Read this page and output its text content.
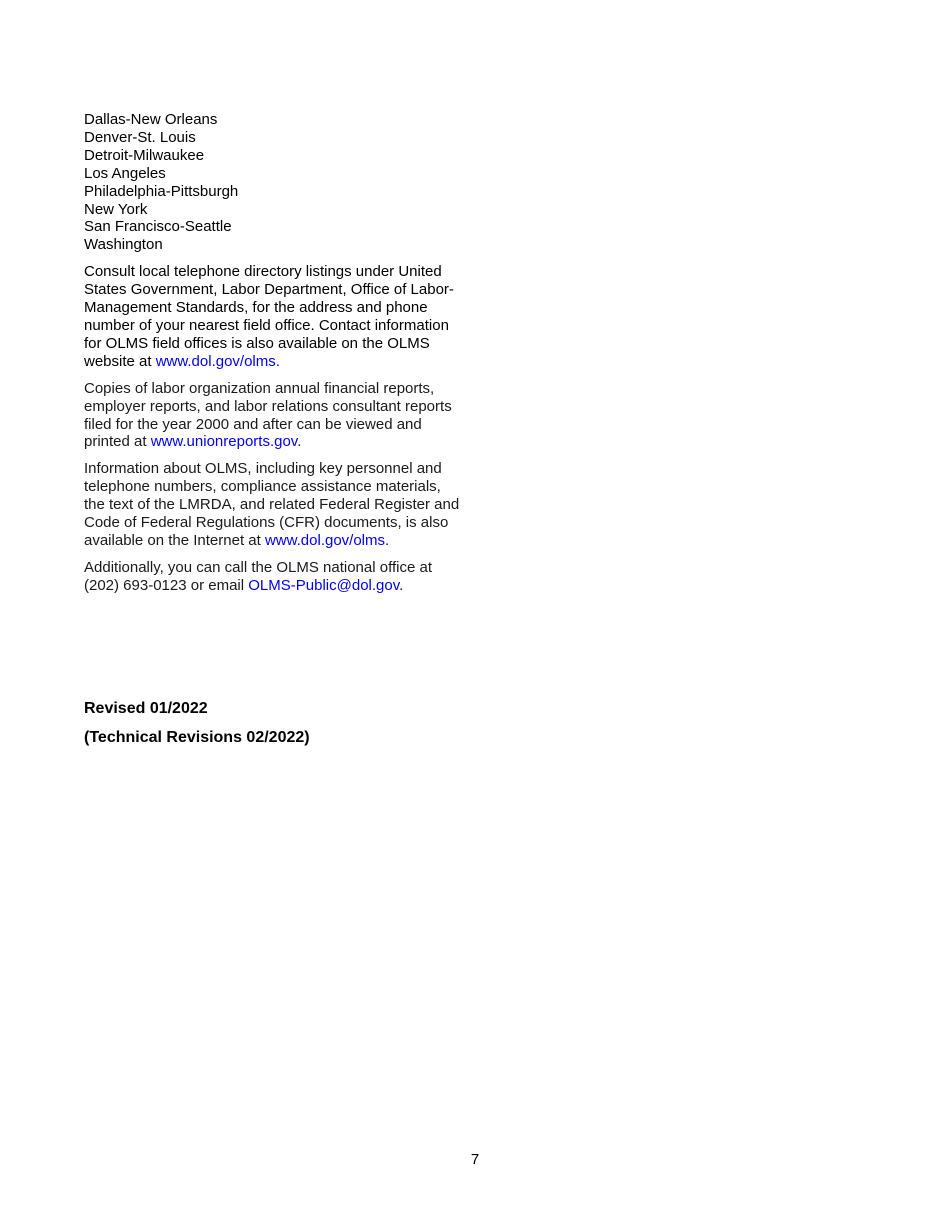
Dallas-New Orleans
Denver-St. Louis
Detroit-Milwaukee
Los Angeles
Philadelphia-Pittsburgh
New York
San Francisco-Seattle
Washington

Consult local telephone directory listings under United States Government, Labor Department, Office of Labor-Management Standards, for the address and phone number of your nearest field office. Contact information for OLMS field offices is also available on the OLMS website at www.dol.gov/olms.

Copies of labor organization annual financial reports, employer reports, and labor relations consultant reports filed for the year 2000 and after can be viewed and printed at www.unionreports.gov.

Information about OLMS, including key personnel and telephone numbers, compliance assistance materials, the text of the LMRDA, and related Federal Register and Code of Federal Regulations (CFR) documents, is also available on the Internet at www.dol.gov/olms.

Additionally, you can call the OLMS national office at (202) 693-0123 or email OLMS-Public@dol.gov.

Revised 01/2022
(Technical Revisions 02/2022)
7
